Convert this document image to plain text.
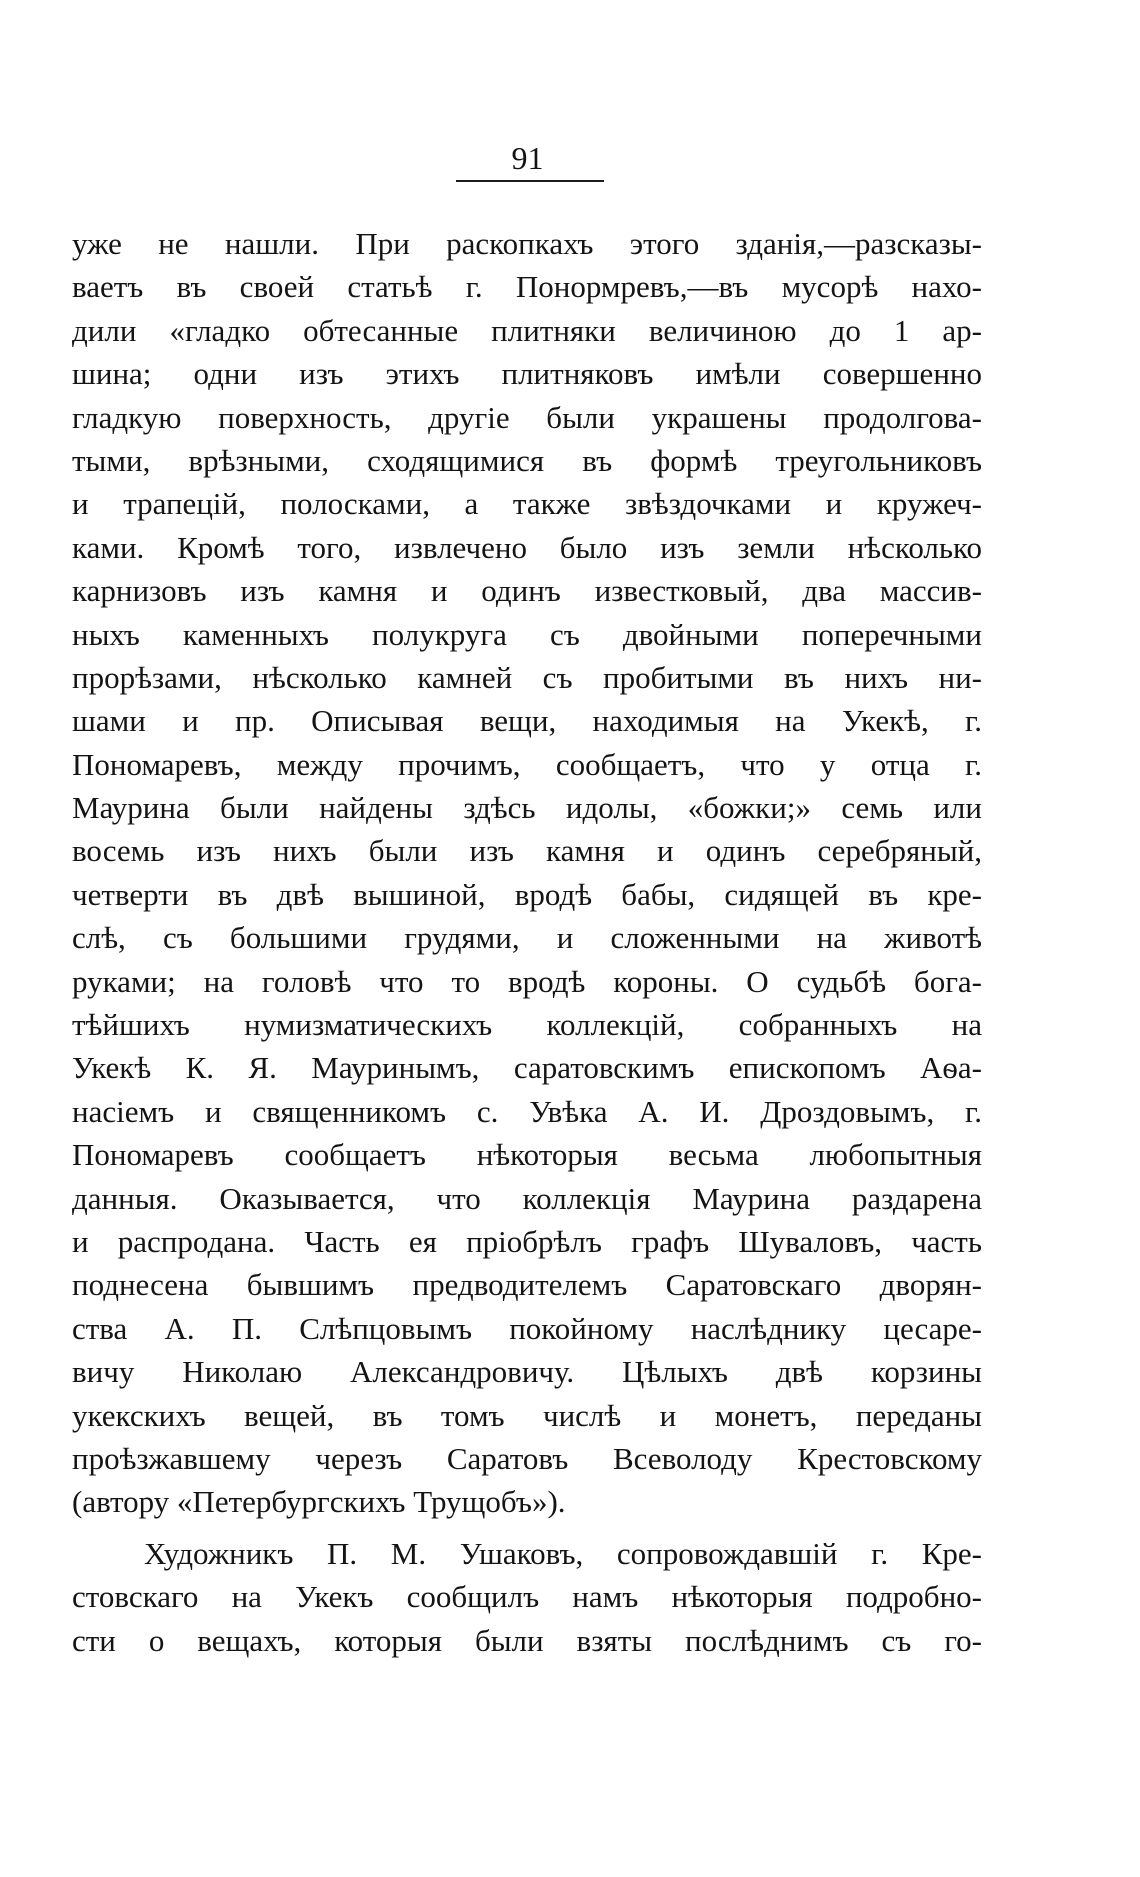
91
уже не нашли. При раскопкахъ этого зданія,—разсказы-
ваетъ въ своей статьѣ г. Понормревъ,—въ мусорѣ нахо-
дили «гладко обтесанные плитняки величиною до 1 ар-
шина; одни изъ этихъ плитняковъ имѣли совершенно
гладкую поверхность, другіе были украшены продолгова-
тыми, врѣзными, сходящимися въ формѣ треугольниковъ
и трапецій, полосками, а также звѣздочками и кружеч-
ками. Кромѣ того, извлечено было изъ земли нѣсколько
карнизовъ изъ камня и одинъ известковый, два массив-
ныхъ каменныхъ полукруга съ двойными поперечными
прорѣзами, нѣсколько камней съ пробитыми въ нихъ ни-
шами и пр. Описывая вещи, находимыя на Укекѣ, г.
Пономаревъ, между прочимъ, сообщаетъ, что у отца г.
Маурина были найдены здѣсь идолы, «божки;» семь или
восемь изъ нихъ были изъ камня и одинъ серебряный,
четверти въ двѣ вышиной, вродѣ бабы, сидящей въ кре-
слѣ, съ большими грудями, и сложенными на животѣ
руками; на головѣ что то вродѣ короны. О судьбѣ бога-
тѣйшихъ нумизматическихъ коллекцій, собранныхъ на
Укекѣ К. Я. Мауринымъ, саратовскимъ епископомъ Аѳа-
насіемъ и священникомъ с. Увѣка А. И. Дроздовымъ, г.
Пономаревъ сообщаетъ нѣкоторыя весьма любопытныя
данныя. Оказывается, что коллекція Маурина раздарена
и распродана. Часть ея пріобрѣлъ графъ Шуваловъ, часть
поднесена бывшимъ предводителемъ Саратовскаго дворян-
ства А. П. Слѣпцовымъ покойному наслѣднику цесаре-
вичу Николаю Александровичу. Цѣлыхъ двѣ корзины
укекскихъ вещей, въ томъ числѣ и монетъ, переданы
проѣзжавшему черезъ Саратовъ Всеволоду Крестовскому
(автору «Петербургскихъ Трущобъ»).
Художникъ П. М. Ушаковъ, сопровождавшій г. Кре-
стовскаго на Укекъ сообщилъ намъ нѣкоторыя подробно-
сти о вещахъ, которыя были взяты послѣднимъ съ го-
